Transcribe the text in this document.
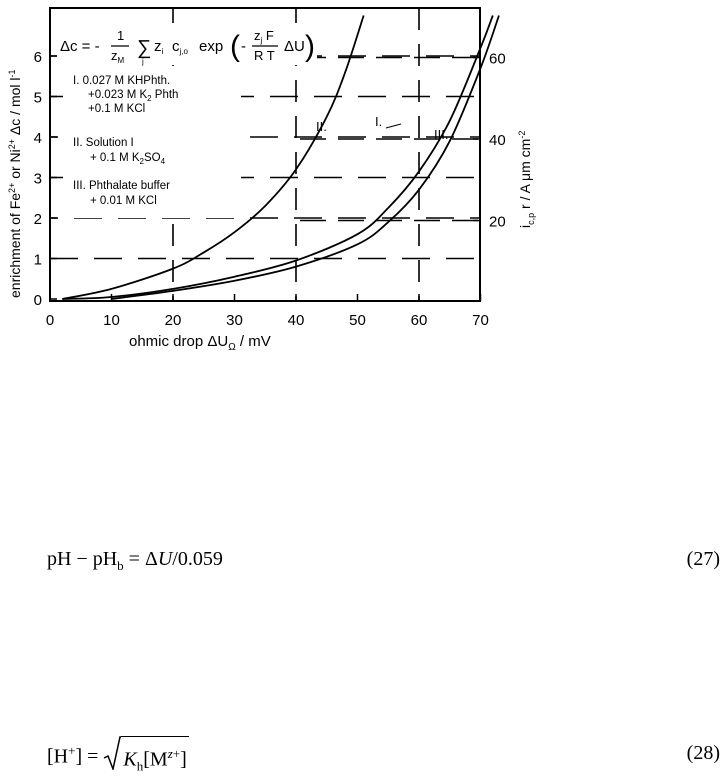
0	10	20	30	40	50	60	70
0
1
2
3
4
5
6
20
40
60
Δc = -
1
$z_M$
∑
j
$z_i$ $c_{j,o}$ exp ( -
$z_j$ F
R T
ΔU )
I. 0.027 M KHPhth.
+0.023 M $K_2$ Phth
+0.1 M KCl
II. Solution I
+ 0.1 M $K_2SO_4$
III. Phthalate buffer
+ 0.01 M KCl
II.	I.
III.
ohmic drop $\Delta U_\Omega$ / mV
enrichment of $Fe^{2+}$ or $Ni^{2+}$ Δc / mol $l^{-1}$
$i_{c,p}$ r / A μm $cm^{-2}$
pH − $pH_b = \Delta U/0.059$	(27)
$[H^+] = K_h[M^{z+}]$	(28)
